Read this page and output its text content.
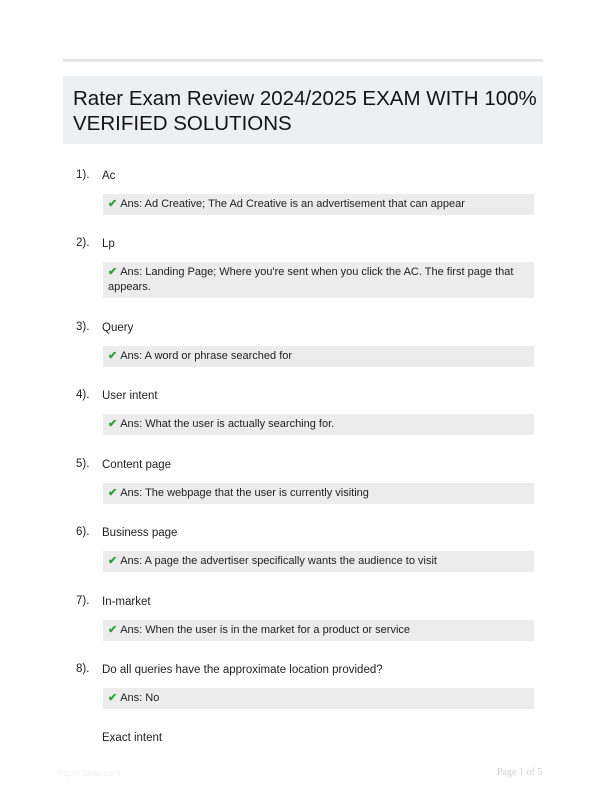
Rater Exam Review 2024/2025 EXAM WITH 100% VERIFIED SOLUTIONS
1). Ac
✔ Ans: Ad Creative; The Ad Creative is an advertisement that can appear
2). Lp
✔ Ans: Landing Page; Where you're sent when you click the AC. The first page that appears.
3). Query
✔ Ans: A word or phrase searched for
4). User intent
✔ Ans: What the user is actually searching for.
5). Content page
✔ Ans: The webpage that the user is currently visiting
6). Business page
✔ Ans: A page the advertiser specifically wants the audience to visit
7). In-market
✔ Ans: When the user is in the market for a product or service
8). Do all queries have the approximate location provided?
✔ Ans: No
Exact intent
PaperSible.com	Page 1 of 5
